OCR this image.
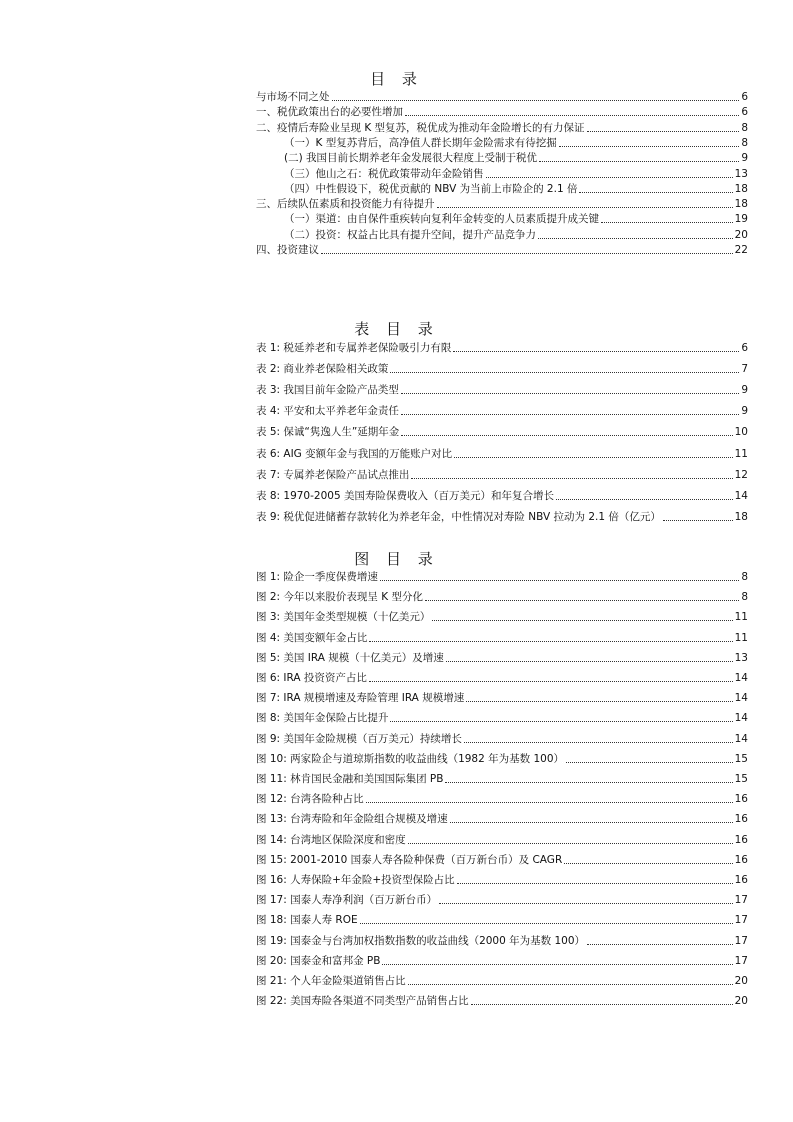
目 录
与市场不同之处	6
一、税优政策出台的必要性增加	6
二、疫情后寿险业呈现 K 型复苏，税优成为推动年金险增长的有力保证	8
（一）K 型复苏背后，高净值人群长期年金险需求有待挖掘	8
(二) 我国目前长期养老年金发展很大程度上受制于税优	9
（三）他山之石：税优政策带动年金险销售	13
（四）中性假设下，税优贡献的 NBV 为当前上市险企的 2.1 倍	18
三、后续队伍素质和投资能力有待提升	18
（一）渠道：由自保件重疾转向复利年金转变的人员素质提升成关键	19
（二）投资：权益占比具有提升空间，提升产品竞争力	20
四、投资建议	22
表 目 录
表 1: 税延养老和专属养老保险吸引力有限	6
表 2: 商业养老保险相关政策	7
表 3: 我国目前年金险产品类型	9
表 4: 平安和太平养老年金责任	9
表 5: 保诚“隽逸人生”延期年金	10
表 6: AIG 变额年金与我国的万能账户对比	11
表 7: 专属养老保险产品试点推出	12
表 8: 1970-2005 美国寿险保费收入（百万美元）和年复合增长	14
表 9: 税优促进储蓄存款转化为养老年金，中性情况对寿险 NBV 拉动为 2.1 倍（亿元）	18
图 目 录
图 1: 险企一季度保费增速	8
图 2: 今年以来股价表现呈 K 型分化	8
图 3: 美国年金类型规模（十亿美元）	11
图 4: 美国变额年金占比	11
图 5: 美国 IRA 规模（十亿美元）及增速	13
图 6: IRA 投资资产占比	14
图 7: IRA 规模增速及寿险管理 IRA 规模增速	14
图 8: 美国年金保险占比提升	14
图 9: 美国年金险规模（百万美元）持续增长	14
图 10: 两家险企与道琼斯指数的收益曲线（1982 年为基数 100）	15
图 11: 林肯国民金融和美国国际集团 PB	15
图 12: 台湾各险种占比	16
图 13: 台湾寿险和年金险组合规模及增速	16
图 14: 台湾地区保险深度和密度	16
图 15: 2001-2010 国泰人寿各险种保费（百万新台币）及 CAGR	16
图 16: 人寿保险+年金险+投资型保险占比	16
图 17: 国泰人寿净利润（百万新台币）	17
图 18: 国泰人寿 ROE	17
图 19: 国泰金与台湾加权指数指数的收益曲线（2000 年为基数 100）	17
图 20: 国泰金和富邦金 PB	17
图 21: 个人年金险渠道销售占比	20
图 22: 美国寿险各渠道不同类型产品销售占比	20
